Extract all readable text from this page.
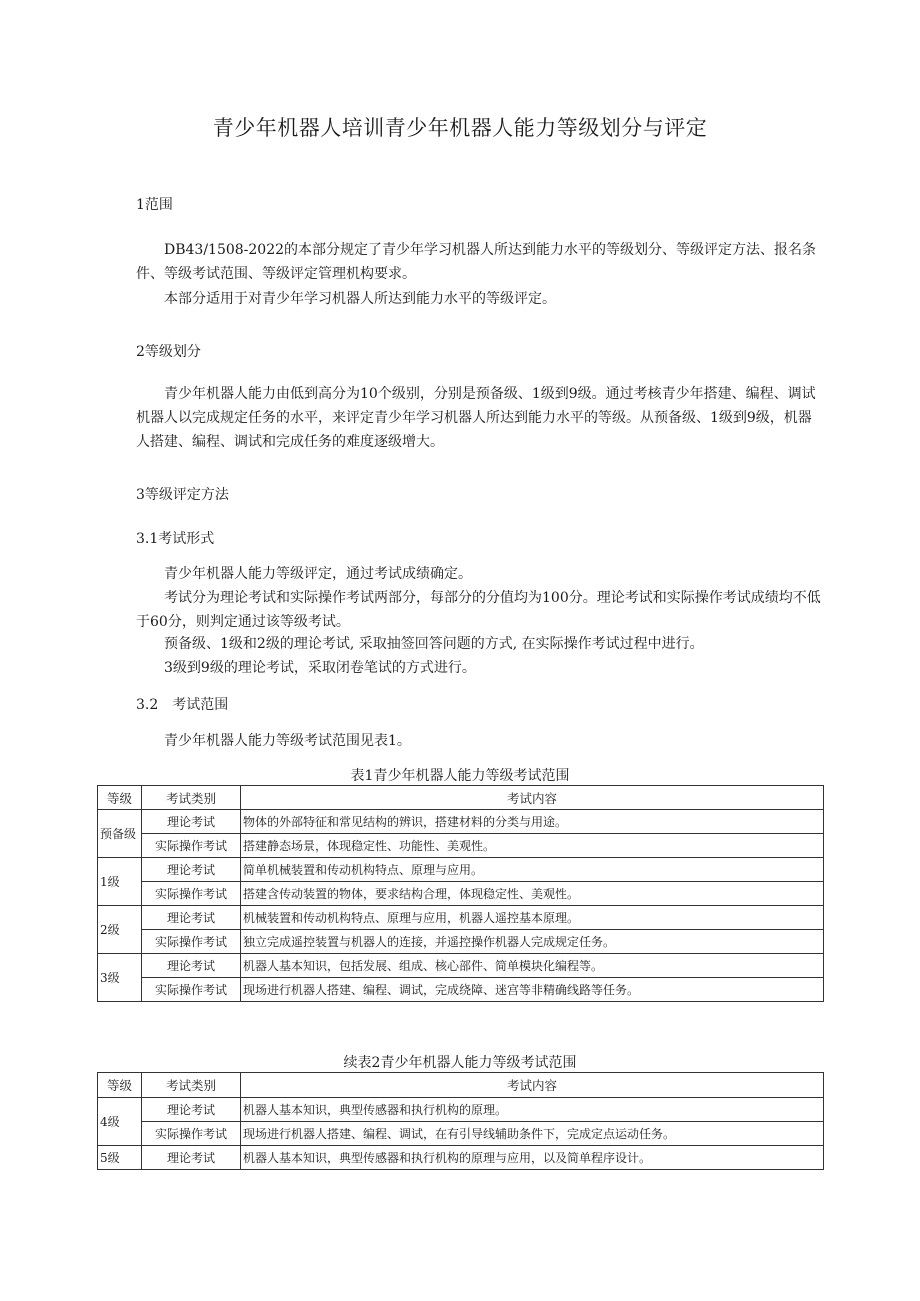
青少年机器人培训青少年机器人能力等级划分与评定

1范围

DB43/1508-2022的本部分规定了青少年学习机器人所达到能力水平的等级划分、等级评定方法、报名条件、等级考试范围、等级评定管理机构要求。

本部分适用于对青少年学习机器人所达到能力水平的等级评定。

2等级划分

青少年机器人能力由低到高分为10个级别，分别是预备级、1级到9级。通过考核青少年搭建、编程、调试机器人以完成规定任务的水平，来评定青少年学习机器人所达到能力水平的等级。从预备级、1级到9级，机器人搭建、编程、调试和完成任务的难度逐级增大。

3等级评定方法

3.1考试形式

青少年机器人能力等级评定，通过考试成绩确定。

考试分为理论考试和实际操作考试两部分，每部分的分值均为100分。理论考试和实际操作考试成绩均不低于60分，则判定通过该等级考试。

预备级、1级和2级的理论考试, 采取抽签回答问题的方式, 在实际操作考试过程中进行。

3级到9级的理论考试，采取闭卷笔试的方式进行。

3.2　考试范围

青少年机器人能力等级考试范围见表1。

表1青少年机器人能力等级考试范围

等级	考试类别	考试内容
预备级	理论考试	物体的外部特征和常见结构的辨识，搭建材料的分类与用途。
	实际操作考试	搭建静态场景，体现稳定性、功能性、美观性。
1级	理论考试	简单机械装置和传动机构特点、原理与应用。
	实际操作考试	搭建含传动装置的物体，要求结构合理，体现稳定性、美观性。
2级	理论考试	机械装置和传动机构特点、原理与应用，机器人遥控基本原理。
	实际操作考试	独立完成遥控装置与机器人的连接，并遥控操作机器人完成规定任务。
3级	理论考试	机器人基本知识，包括发展、组成、核心部件、简单模块化编程等。
	实际操作考试	现场进行机器人搭建、编程、调试，完成绕障、迷宫等非精确线路等任务。

续表2青少年机器人能力等级考试范围

等级	考试类别	考试内容
4级	理论考试	机器人基本知识，典型传感器和执行机构的原理。
	实际操作考试	现场进行机器人搭建、编程、调试，在有引导线辅助条件下，完成定点运动任务。
5级	理论考试	机器人基本知识，典型传感器和执行机构的原理与应用，以及简单程序设计。
